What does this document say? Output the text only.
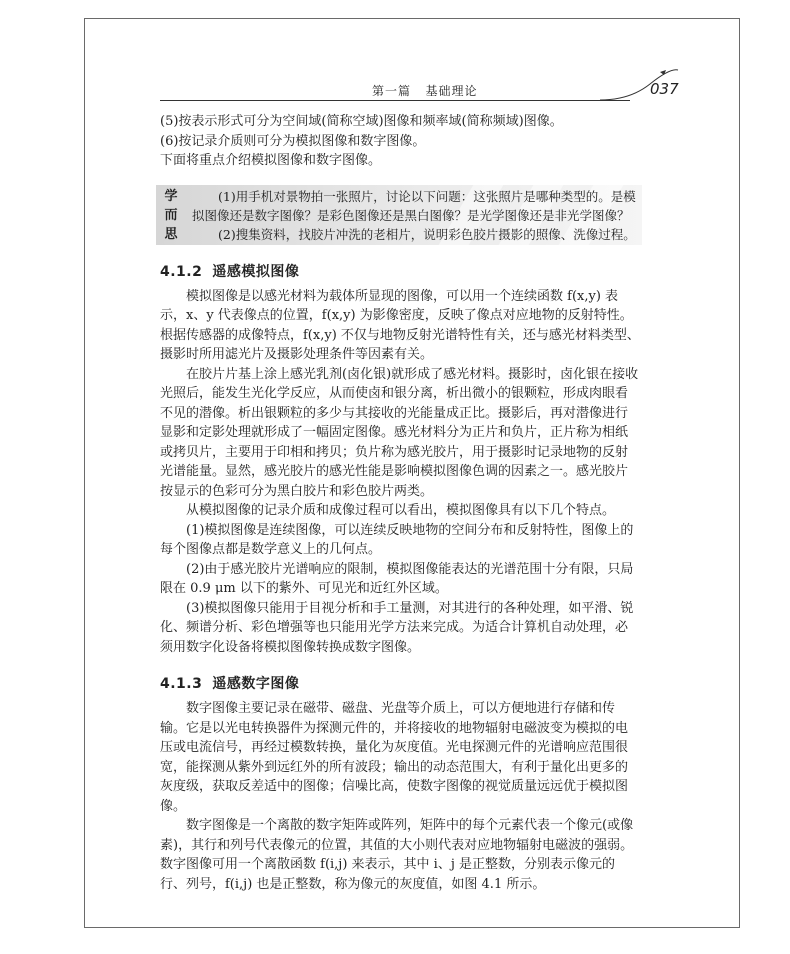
第一篇 基础理论	037

(5)按表示形式可分为空间域(简称空域)图像和频率域(简称频域)图像。

(6)按记录介质则可分为模拟图像和数字图像。

下面将重点介绍模拟图像和数字图像。

学
而
思

(1)用手机对景物拍一张照片，讨论以下问题：这张照片是哪种类型的。是模拟图像还是数字图像？是彩色图像还是黑白图像？是光学图像还是非光学图像？

(2)搜集资料，找胶片冲洗的老相片，说明彩色胶片摄影的照像、洗像过程。

4.1.2 遥感模拟图像

模拟图像是以感光材料为载体所显现的图像，可以用一个连续函数 f(x,y) 表示，x、y 代表像点的位置，f(x,y) 为影像密度，反映了像点对应地物的反射特性。根据传感器的成像特点，f(x,y) 不仅与地物反射光谱特性有关，还与感光材料类型、摄影时所用滤光片及摄影处理条件等因素有关。

在胶片片基上涂上感光乳剂(卤化银)就形成了感光材料。摄影时，卤化银在接收光照后，能发生光化学反应，从而使卤和银分离，析出微小的银颗粒，形成肉眼看不见的潜像。析出银颗粒的多少与其接收的光能量成正比。摄影后，再对潜像进行显影和定影处理就形成了一幅固定图像。感光材料分为正片和负片，正片称为相纸或拷贝片，主要用于印相和拷贝；负片称为感光胶片，用于摄影时记录地物的反射光谱能量。显然，感光胶片的感光性能是影响模拟图像色调的因素之一。感光胶片按显示的色彩可分为黑白胶片和彩色胶片两类。

从模拟图像的记录介质和成像过程可以看出，模拟图像具有以下几个特点。

(1)模拟图像是连续图像，可以连续反映地物的空间分布和反射特性，图像上的每个图像点都是数学意义上的几何点。

(2)由于感光胶片光谱响应的限制，模拟图像能表达的光谱范围十分有限，只局限在 0.9 μm 以下的紫外、可见光和近红外区域。

(3)模拟图像只能用于目视分析和手工量测，对其进行的各种处理，如平滑、锐化、频谱分析、彩色增强等也只能用光学方法来完成。为适合计算机自动处理，必须用数字化设备将模拟图像转换成数字图像。

4.1.3 遥感数字图像

数字图像主要记录在磁带、磁盘、光盘等介质上，可以方便地进行存储和传输。它是以光电转换器件为探测元件的，并将接收的地物辐射电磁波变为模拟的电压或电流信号，再经过模数转换，量化为灰度值。光电探测元件的光谱响应范围很宽，能探测从紫外到远红外的所有波段；输出的动态范围大，有利于量化出更多的灰度级，获取反差适中的图像；信噪比高，使数字图像的视觉质量远远优于模拟图像。

数字图像是一个离散的数字矩阵或阵列，矩阵中的每个元素代表一个像元(或像素)，其行和列号代表像元的位置，其值的大小则代表对应地物辐射电磁波的强弱。数字图像可用一个离散函数 f(i,j) 来表示，其中 i、j 是正整数，分别表示像元的行、列号，f(i,j) 也是正整数，称为像元的灰度值，如图 4.1 所示。
